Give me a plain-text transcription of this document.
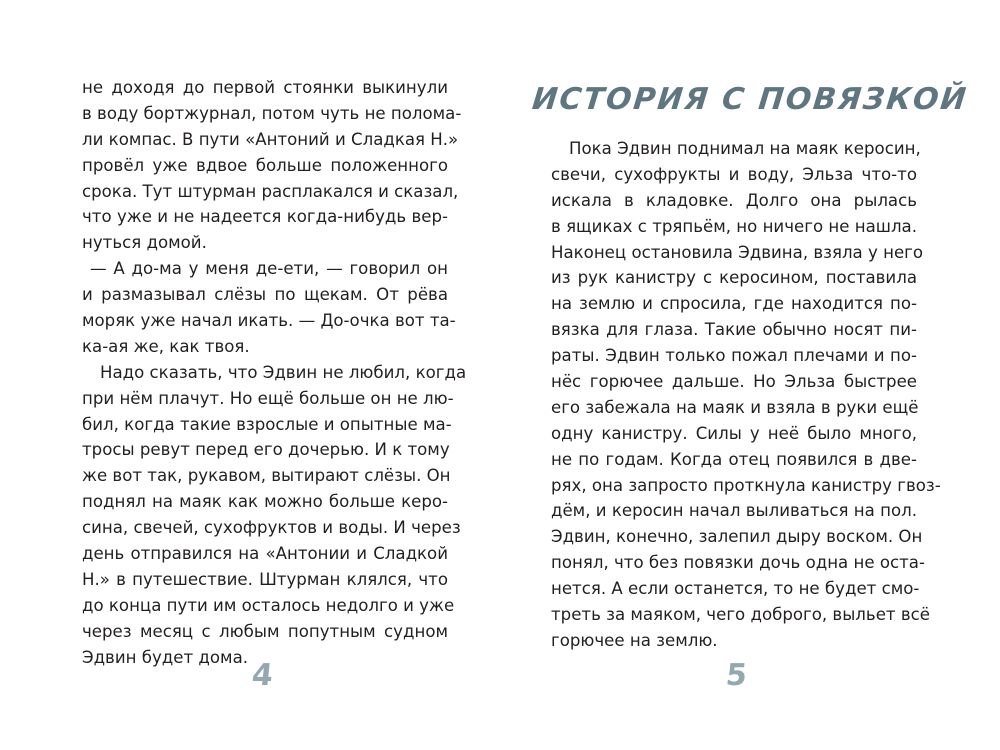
не доходя до первой стоянки выкинули
в воду бортжурнал, потом чуть не полома-
ли компас. В пути «Антоний и Сладкая Н.»
провёл уже вдвое больше положенного
срока. Тут штурман расплакался и сказал,
что уже и не надеется когда-нибудь вер-
нуться домой.
— А до-ма у меня де-ети, — говорил он
и размазывал слёзы по щекам. От рёва
моряк уже начал икать. — До-очка вот та-
ка-ая же, как твоя.
Надо сказать, что Эдвин не любил, когда
при нём плачут. Но ещё больше он не лю-
бил, когда такие взрослые и опытные ма-
тросы ревут перед его дочерью. И к тому
же вот так, рукавом, вытирают слёзы. Он
поднял на маяк как можно больше керо-
сина, свечей, сухофруктов и воды. И через
день отправился на «Антонии и Сладкой
Н.» в путешествие. Штурман клялся, что
до конца пути им осталось недолго и уже
через месяц с любым попутным судном
Эдвин будет дома.
4
ИСТОРИЯ С ПОВЯЗКОЙ
Пока Эдвин поднимал на маяк керосин,
свечи, сухофрукты и воду, Эльза что-то
искала в кладовке. Долго она рылась
в ящиках с тряпьём, но ничего не нашла.
Наконец остановила Эдвина, взяла у него
из рук канистру с керосином, поставила
на землю и спросила, где находится по-
вязка для глаза. Такие обычно носят пи-
раты. Эдвин только пожал плечами и по-
нёс горючее дальше. Но Эльза быстрее
его забежала на маяк и взяла в руки ещё
одну канистру. Силы у неё было много,
не по годам. Когда отец появился в две-
рях, она запросто проткнула канистру гвоз-
дём, и керосин начал выливаться на пол.
Эдвин, конечно, залепил дыру воском. Он
понял, что без повязки дочь одна не оста-
нется. А если останется, то не будет смо-
треть за маяком, чего доброго, выльет всё
горючее на землю.
5
